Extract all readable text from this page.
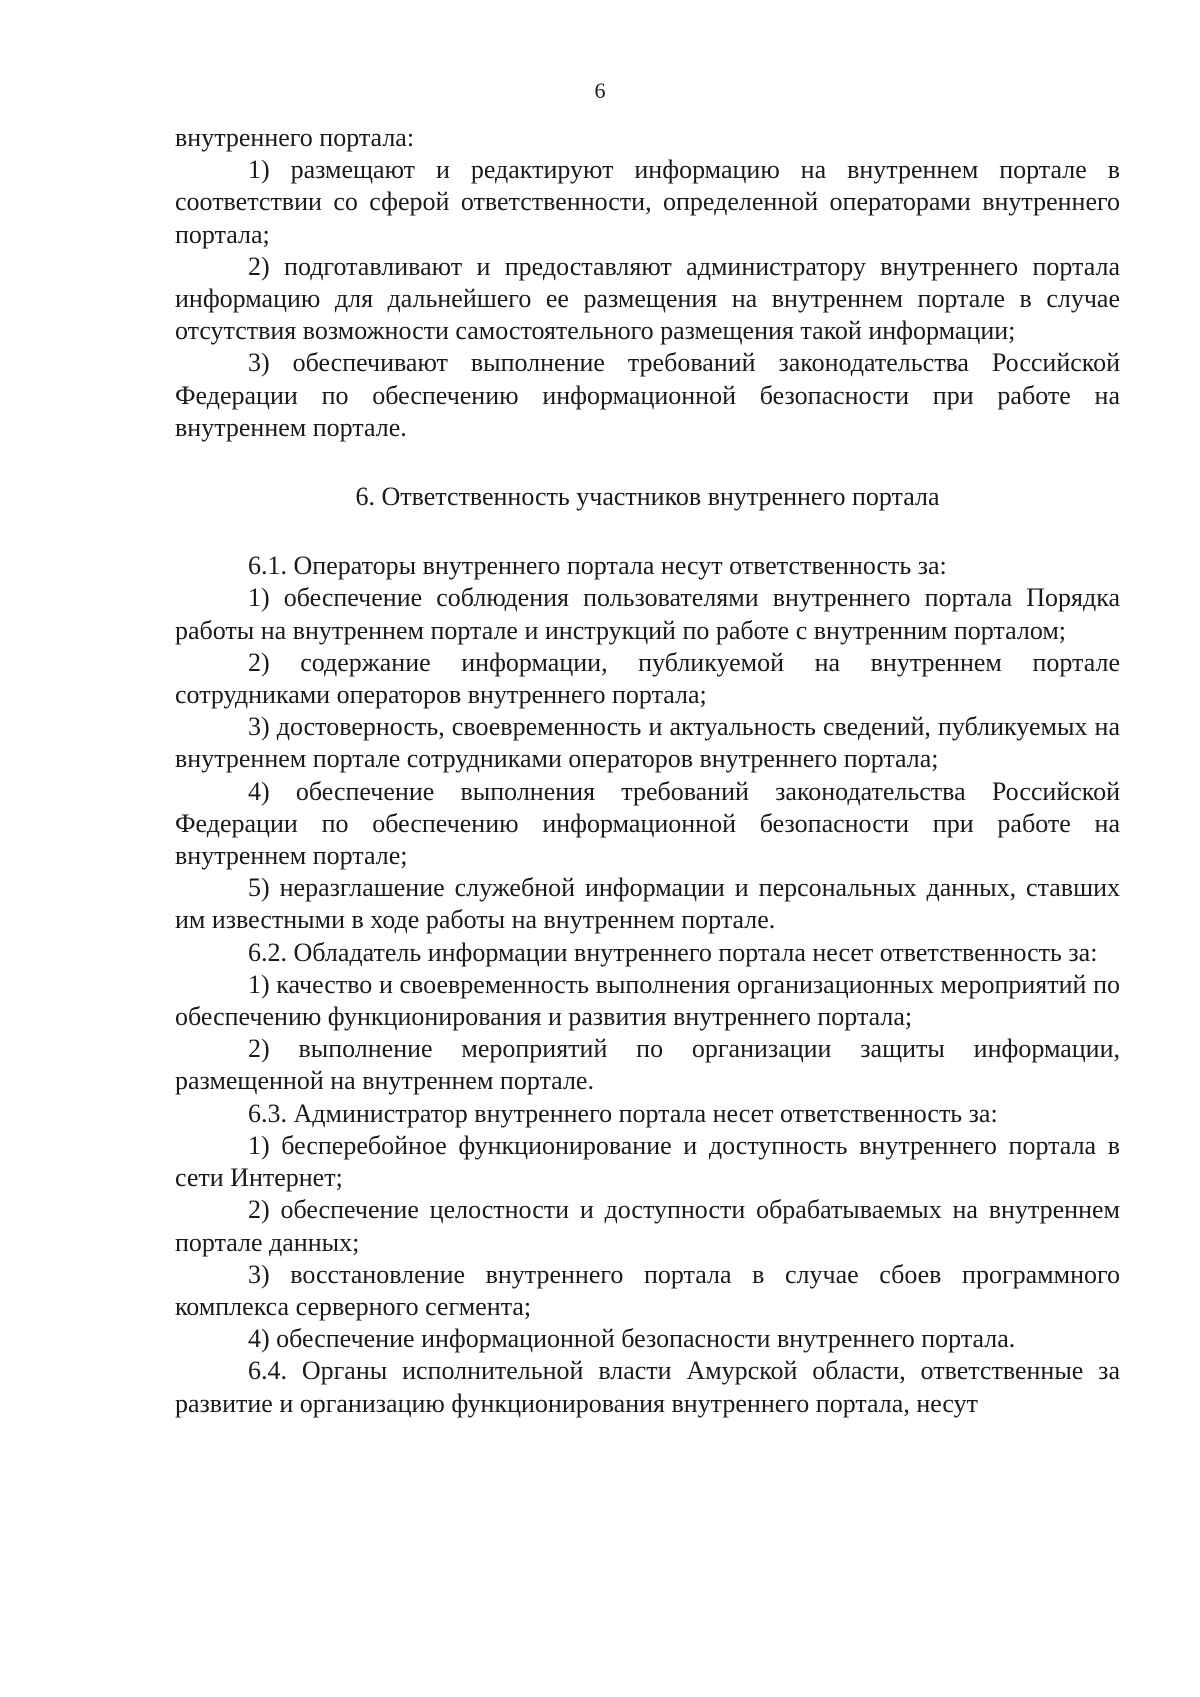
6

внутреннего портала:

1) размещают и редактируют информацию на внутреннем портале в соответствии со сферой ответственности, определенной операторами внутреннего портала;

2) подготавливают и предоставляют администратору внутреннего портала информацию для дальнейшего ее размещения на внутреннем портале в случае отсутствия возможности самостоятельного размещения такой информации;

3) обеспечивают выполнение требований законодательства Российской Федерации по обеспечению информационной безопасности при работе на внутреннем портале.

6. Ответственность участников внутреннего портала

6.1. Операторы внутреннего портала несут ответственность за:

1) обеспечение соблюдения пользователями внутреннего портала Порядка работы на внутреннем портале и инструкций по работе с внутренним порталом;

2) содержание информации, публикуемой на внутреннем портале сотрудниками операторов внутреннего портала;

3) достоверность, своевременность и актуальность сведений, публикуемых на внутреннем портале сотрудниками операторов внутреннего портала;

4) обеспечение выполнения требований законодательства Российской Федерации по обеспечению информационной безопасности при работе на внутреннем портале;

5) неразглашение служебной информации и персональных данных, ставших им известными в ходе работы на внутреннем портале.

6.2. Обладатель информации внутреннего портала несет ответственность за:

1) качество и своевременность выполнения организационных мероприятий по обеспечению функционирования и развития внутреннего портала;

2) выполнение мероприятий по организации защиты информации, размещенной на внутреннем портале.

6.3. Администратор внутреннего портала несет ответственность за:

1) бесперебойное функционирование и доступность внутреннего портала в сети Интернет;

2) обеспечение целостности и доступности обрабатываемых на внутреннем портале данных;

3) восстановление внутреннего портала в случае сбоев программного комплекса серверного сегмента;

4) обеспечение информационной безопасности внутреннего портала.

6.4. Органы исполнительной власти Амурской области, ответственные за развитие и организацию функционирования внутреннего портала, несут
